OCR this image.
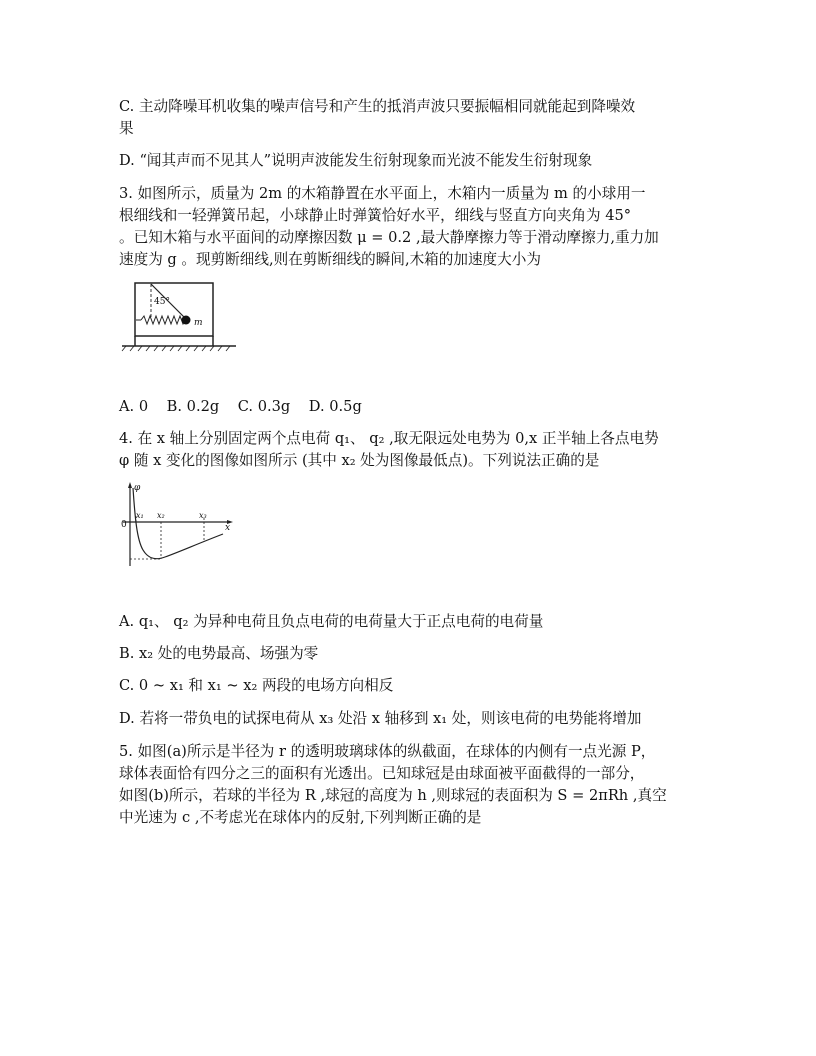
C. 主动降噪耳机收集的噪声信号和产生的抵消声波只要振幅相同就能起到降噪效
果
D. “闻其声而不见其人”说明声波能发生衍射现象而光波不能发生衍射现象
3. 如图所示，质量为 2m 的木箱静置在水平面上，木箱内一质量为 m 的小球用一
根细线和一轻弹簧吊起，小球静止时弹簧恰好水平，细线与竖直方向夹角为 45°
。已知木箱与水平面间的动摩擦因数 μ = 0.2 ,最大静摩擦力等于滑动摩擦力,重力加
速度为 g 。现剪断细线,则在剪断细线的瞬间,木箱的加速度大小为
45°
m
A. 0    B. 0.2g    C. 0.3g    D. 0.5g
4. 在 x 轴上分别固定两个点电荷 q₁、 q₂ ,取无限远处电势为 0,x 正半轴上各点电势
φ 随 x 变化的图像如图所示 (其中 x₂ 处为图像最低点)。下列说法正确的是
φ
x
0
x₁ x₂	x₃
A. q₁、 q₂ 为异种电荷且负点电荷的电荷量大于正点电荷的电荷量
B. x₂ 处的电势最高、场强为零
C. 0 ~ x₁ 和 x₁ ~ x₂ 两段的电场方向相反
D. 若将一带负电的试探电荷从 x₃ 处沿 x 轴移到 x₁ 处，则该电荷的电势能将增加
5. 如图(a)所示是半径为 r 的透明玻璃球体的纵截面，在球体的内侧有一点光源 P，
球体表面恰有四分之三的面积有光透出。已知球冠是由球面被平面截得的一部分，
如图(b)所示，若球的半径为 R ,球冠的高度为 h ,则球冠的表面积为 S = 2πRh ,真空
中光速为 c ,不考虑光在球体内的反射,下列判断正确的是
